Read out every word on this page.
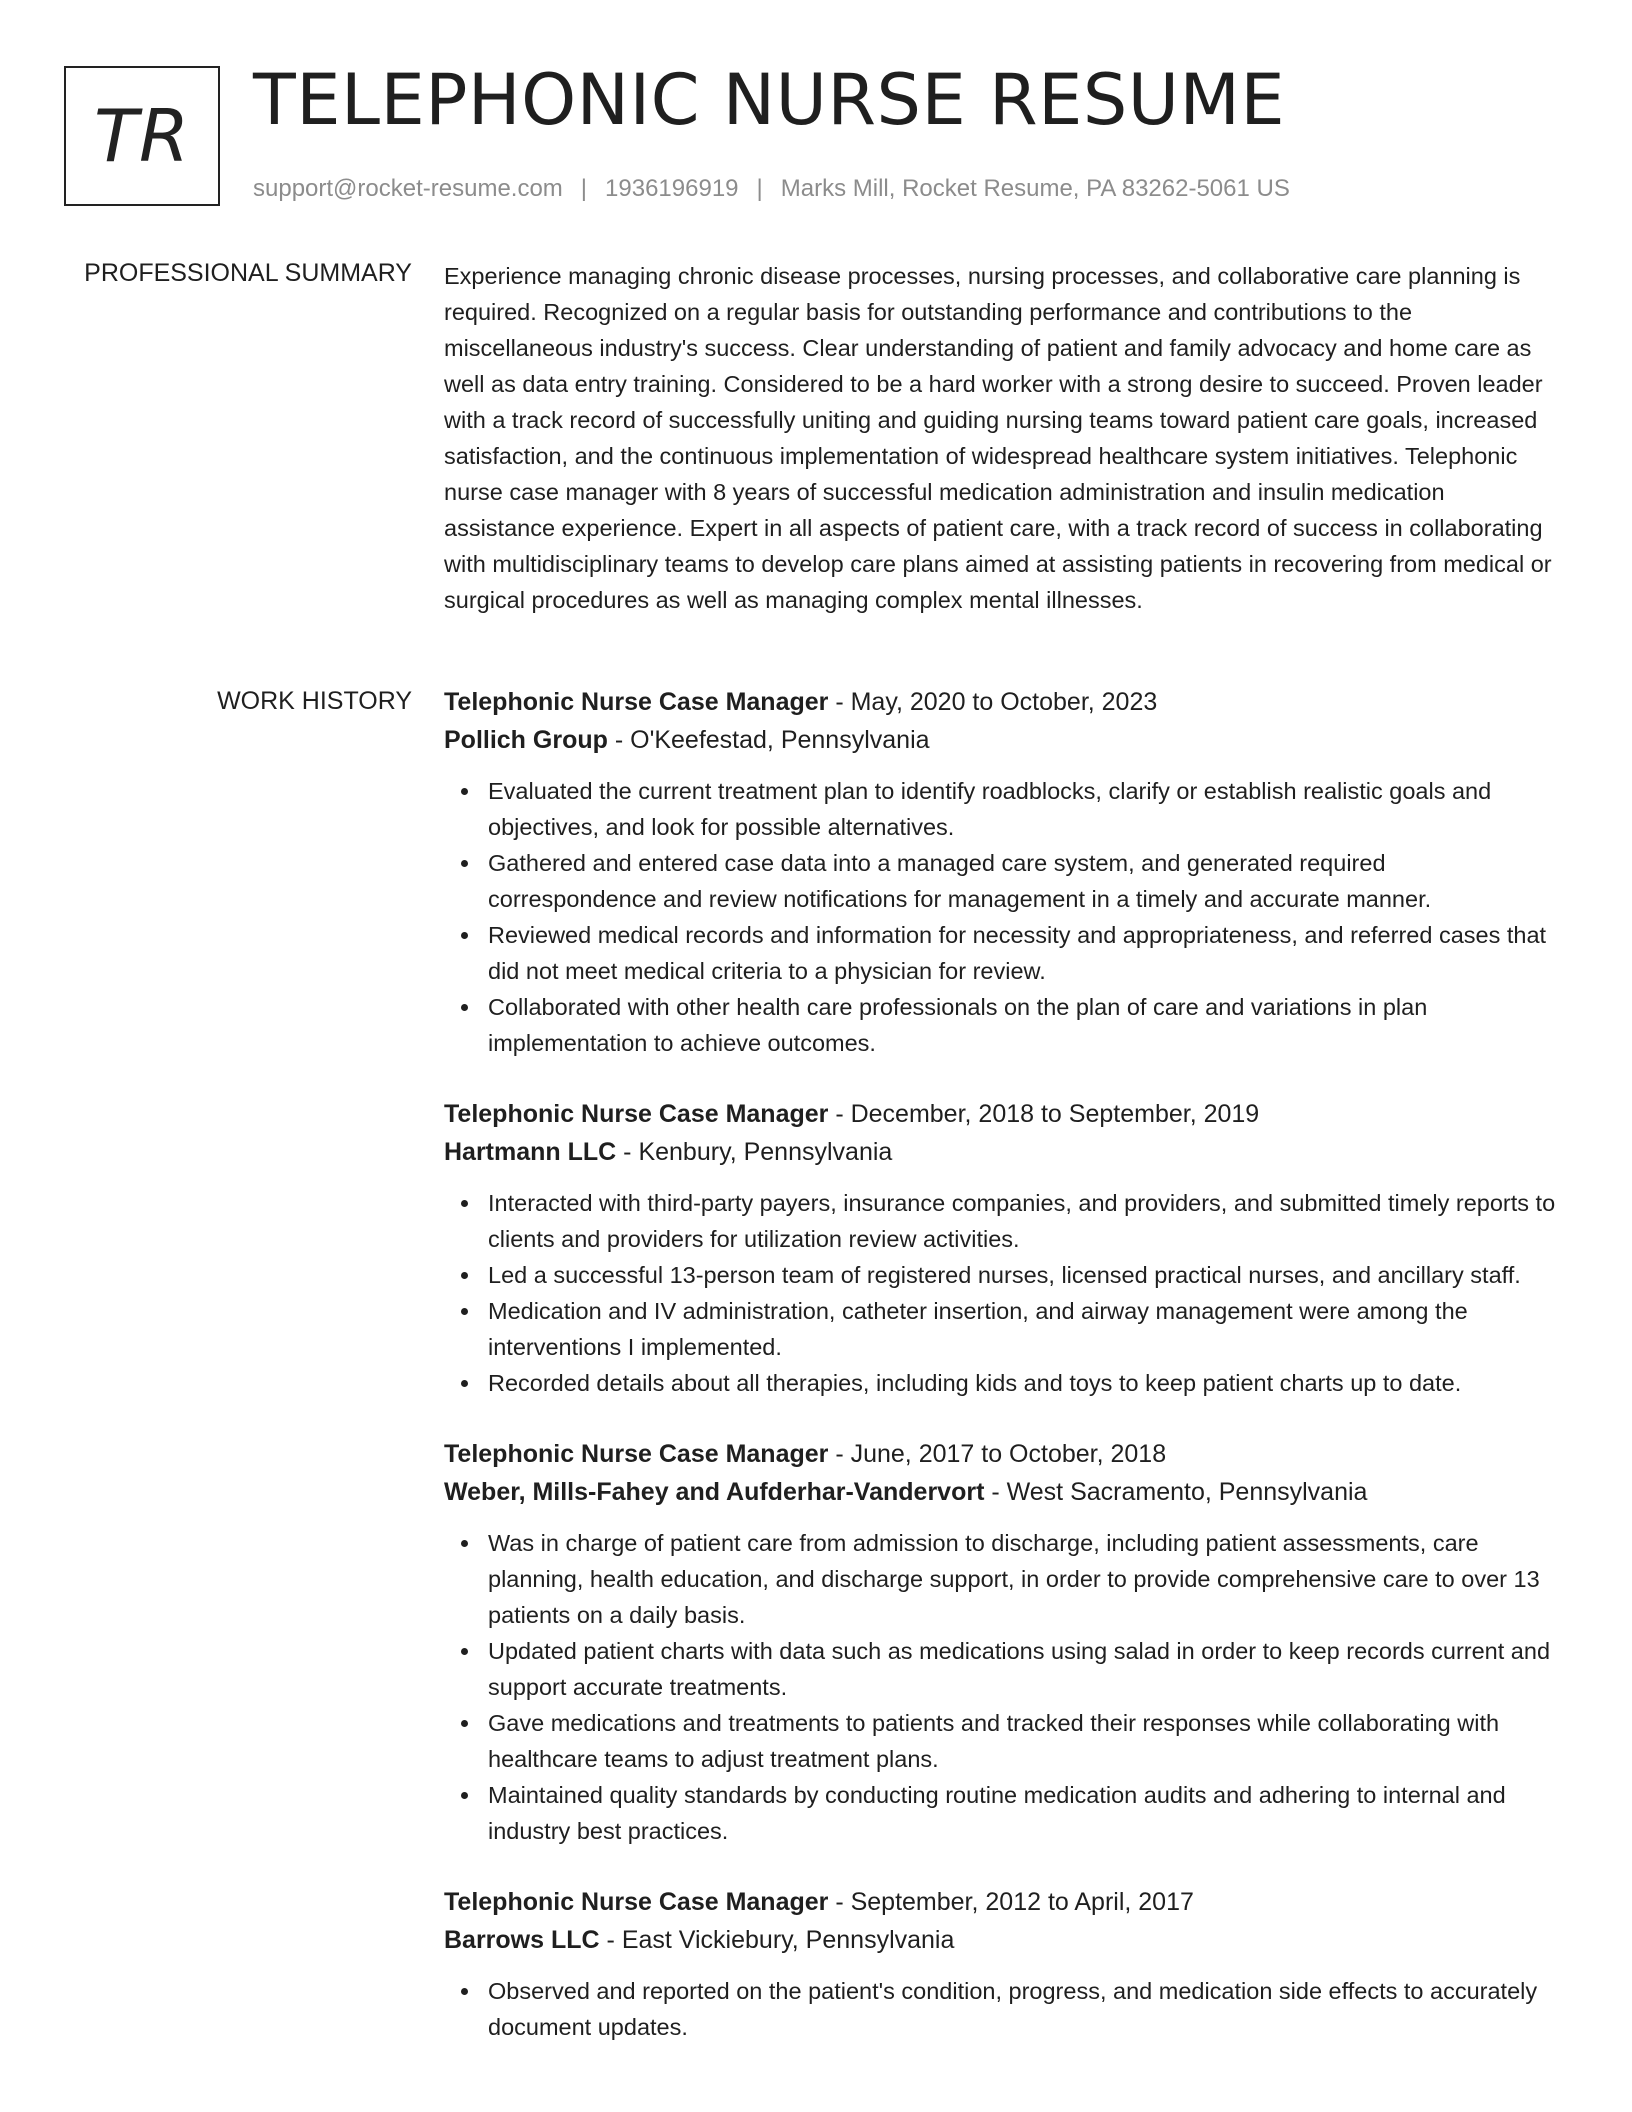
TR TELEPHONIC NURSE RESUME
support@rocket-resume.com | 1936196919 | Marks Mill, Rocket Resume, PA 83262-5061 US
PROFESSIONAL SUMMARY Experience managing chronic disease processes, nursing processes, and collaborative care planning is required. Recognized on a regular basis for outstanding performance and contributions to the miscellaneous industry's success. Clear understanding of patient and family advocacy and home care as well as data entry training. Considered to be a hard worker with a strong desire to succeed. Proven leader with a track record of successfully uniting and guiding nursing teams toward patient care goals, increased satisfaction, and the continuous implementation of widespread healthcare system initiatives. Telephonic nurse case manager with 8 years of successful medication administration and insulin medication assistance experience. Expert in all aspects of patient care, with a track record of success in collaborating with multidisciplinary teams to develop care plans aimed at assisting patients in recovering from medical or surgical procedures as well as managing complex mental illnesses.

WORK HISTORY Telephonic Nurse Case Manager - May, 2020 to October, 2023
Pollich Group - O'Keefestad, Pennsylvania
Evaluated the current treatment plan to identify roadblocks, clarify or establish realistic goals and objectives, and look for possible alternatives.
Gathered and entered case data into a managed care system, and generated required correspondence and review notifications for management in a timely and accurate manner.
Reviewed medical records and information for necessity and appropriateness, and referred cases that did not meet medical criteria to a physician for review.
Collaborated with other health care professionals on the plan of care and variations in plan implementation to achieve outcomes.
Telephonic Nurse Case Manager - December, 2018 to September, 2019
Hartmann LLC - Kenbury, Pennsylvania
Interacted with third-party payers, insurance companies, and providers, and submitted timely reports to clients and providers for utilization review activities.
Led a successful 13-person team of registered nurses, licensed practical nurses, and ancillary staff.
Medication and IV administration, catheter insertion, and airway management were among the interventions I implemented.
Recorded details about all therapies, including kids and toys to keep patient charts up to date.
Telephonic Nurse Case Manager - June, 2017 to October, 2018
Weber, Mills-Fahey and Aufderhar-Vandervort - West Sacramento, Pennsylvania
Was in charge of patient care from admission to discharge, including patient assessments, care planning, health education, and discharge support, in order to provide comprehensive care to over 13 patients on a daily basis.
Updated patient charts with data such as medications using salad in order to keep records current and support accurate treatments.
Gave medications and treatments to patients and tracked their responses while collaborating with healthcare teams to adjust treatment plans.
Maintained quality standards by conducting routine medication audits and adhering to internal and industry best practices.
Telephonic Nurse Case Manager - September, 2012 to April, 2017
Barrows LLC - East Vickiebury, Pennsylvania
Observed and reported on the patient's condition, progress, and medication side effects to accurately document updates.
